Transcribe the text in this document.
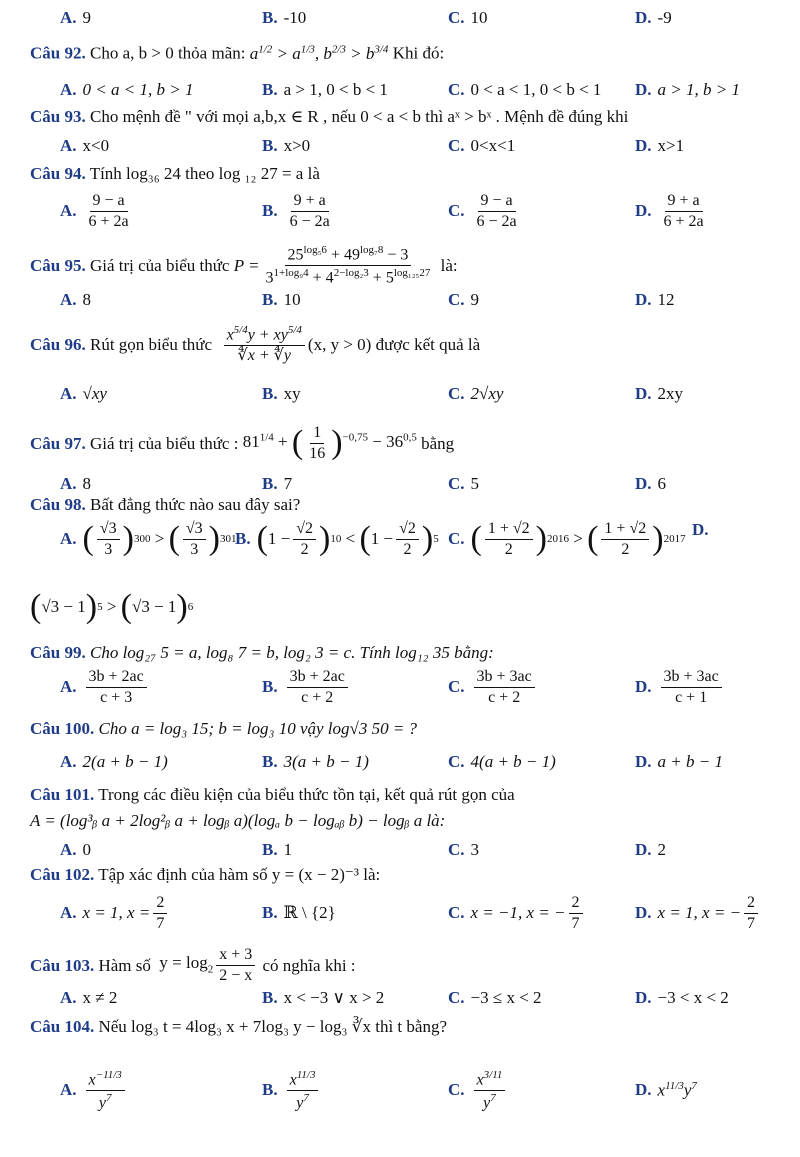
A. 9	B. -10	C. 10	D. -9
Câu 92. Cho a, b > 0 thỏa mãn: $a^{1/2} > a^{1/3}$, $b^{2/3} > b^{3/4}$ Khi đó:
A. 0 < a < 1, b > 1	B. a > 1, 0 < b < 1	C. 0 < a < 1, 0 < b < 1 D. a > 1, b > 1
Câu 93. Cho mệnh đề " với mọi a,b,x ∈ R , nếu 0 < a < b thì aˣ > bˣ . Mệnh đề đúng khi
A. x<0	B. x>0	C. 0<x<1	D. x>1
Câu 94. Tính log₃₆ 24 theo log ₁₂ 27 = a là
A. $\frac{9 - a}{6 + 2a}$	B. $\frac{9 + a}{6 - 2a}$	C. $\frac{9 - a}{6 - 2a}$	D. $\frac{9 + a}{6 + 2a}$
Câu 95.
Giá trị của biểu thức
$P = \frac{25^{log_56} + 49^{log_78} - 3}{3^{1+log_94} + 4^{2-log_23} + 5^{log_{125}27}}$
là:
A. 8	B. 10	C. 9	D. 12
Câu 96.
Rút gọn biểu thức
$\frac{x^{5/4}y + xy^{5/4}}{∜x + ∜y} (x$, y > 0) được kết quả là
A. √xy	B. xy	C. 2√xy	D. 2xy
Câu 97.
Giá trị của biểu thức :
$81^{1/4}$ + ( $\frac{1}{16} )^{-0,75} - 36^{0,5}$
bằng
A. 8	B. 7	C. 5	D. 6
Câu 98. Bất đẳng thức nào sau đây sai?
A. ( $\frac{√3}{3}$ ) 300 > ( $\frac{√3}{3}$ ) 301
B. ( $1 - \frac{√2}{2}$ ) 10 < ( $1 - \frac{√2}{2}$ ) 5 C. ( $\frac{1 + √2}{2}$ ) 2016 > ( $\frac{1 + √2}{2}$ ) 2017
D.
( √3 − 1 ) 5 > ( √3 − 1 ) 6
Câu 99. Cho log₂₇ 5 = a, log₈ 7 = b, log₂ 3 = c. Tính log₁₂ 35 bằng:
A. $\frac{3b + 2ac}{c + 3}$	B. $\frac{3b + 2ac}{c + 2}$	C. $\frac{3b + 3ac}{c + 2}$	D. $\frac{3b + 3ac}{c + 1}$
Câu 100. Cho a = log₃ 15; b = log₃ 10 vậy log√3 50 = ?
A. 2(a + b − 1)	B. 3(a + b − 1)	C. 4(a + b − 1)	D. a + b − 1
Câu 101. Trong các điều kiện của biểu thức tồn tại, kết quả rút gọn của
A = (log³ᵦ a + 2log²ᵦ a + logᵦ a)(logₐ b − logₐᵦ b) − logᵦ a là:
A. 0	B. 1	C. 3	D. 2
Câu 102. Tập xác định của hàm số y = (x − 2)⁻³ là:
A. x = 1, $x = \frac{2}{7}$	B. ℝ \ {2}	C. x = −1, x = − $\frac{2}{7}$	D. x = 1, x = − $\frac{2}{7}$
Câu 103.
Hàm số
$y = \log_2 \frac{x + 3}{2 - x}$
có nghĩa khi :
A. x ≠ 2	B. x < −3 ∨ x > 2	C. −3 ≤ x < 2	D. −3 < x < 2
Câu 104. Nếu log₃ t = 4log₃ x + 7log₃ y − log₃ ∛x thì t bằng?
A. $\frac{x^{-11/3}}{y^7}$	B. $\frac{x^{11/3}}{y^7}$	C. $\frac{x^{3/11}}{y^7}$	D. $x^{11/3}y^7$
